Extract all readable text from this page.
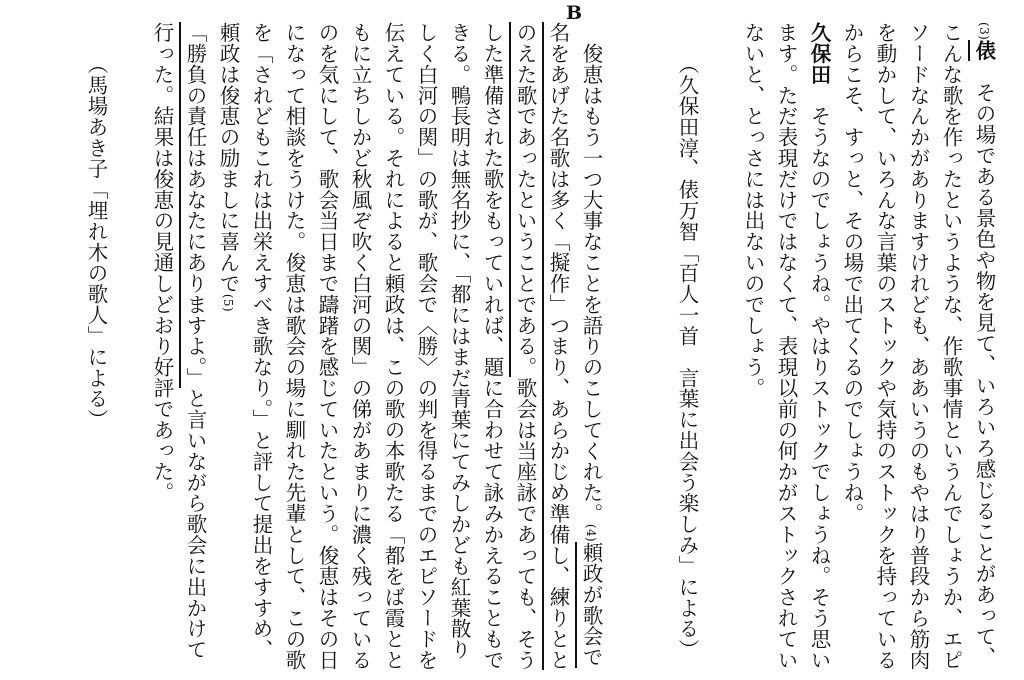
(3)俵　その場である景色や物を見て、いろいろ感じることがあって、こんな歌を作ったというような、作歌事情というんでしょうか、エピソードなんかがありますけれども、ああいうのもやはり普段から筋肉を動かして、いろんな言葉のストックや気持のストックを持っているからこそ、すっと、その場で出てくるのでしょうね。
久保田　そうなのでしょうね。やはりストックでしょうね。そう思います。ただ表現だけではなくて、表現以前の何かがストックされていないと、とっさには出ないのでしょう。

　　（久保田淳、俵万智「百人一首　言葉に出会う楽しみ」による）
B
　俊恵はもう一つ大事なことを語りのこしてくれた。(4)頼政が歌会で名をあげた名歌は多く「擬作」つまり、あらかじめ準備し、練りととのえた歌であったということである。歌会は当座詠であっても、そうした準備された歌をもっていれば、題に合わせて詠みかえることもできる。鴨長明は無名抄に、「都にはまだ青葉にてみしかども紅葉散りしく白河の関」の歌が、歌会で〈勝〉の判を得るまでのエピソードを伝えている。それによると頼政は、この歌の本歌たる「都をば霞とともに立ちしかど秋風ぞ吹く白河の関」の俤があまりに濃く残っているのを気にして、歌会当日まで躊躇を感じていたという。俊恵はその日になって相談をうけた。俊恵は歌会の場に馴れた先輩として、この歌を「されどもこれは出栄えすべき歌なり。」と評して提出をすすめ、頼政は俊恵の励ましに喜んで(5)「勝負の責任はあなたにありますよ。」と言いながら歌会に出かけて行った。結果は俊恵の見通しどおり好評であった。

　　（馬場あき子「埋れ木の歌人」による）
